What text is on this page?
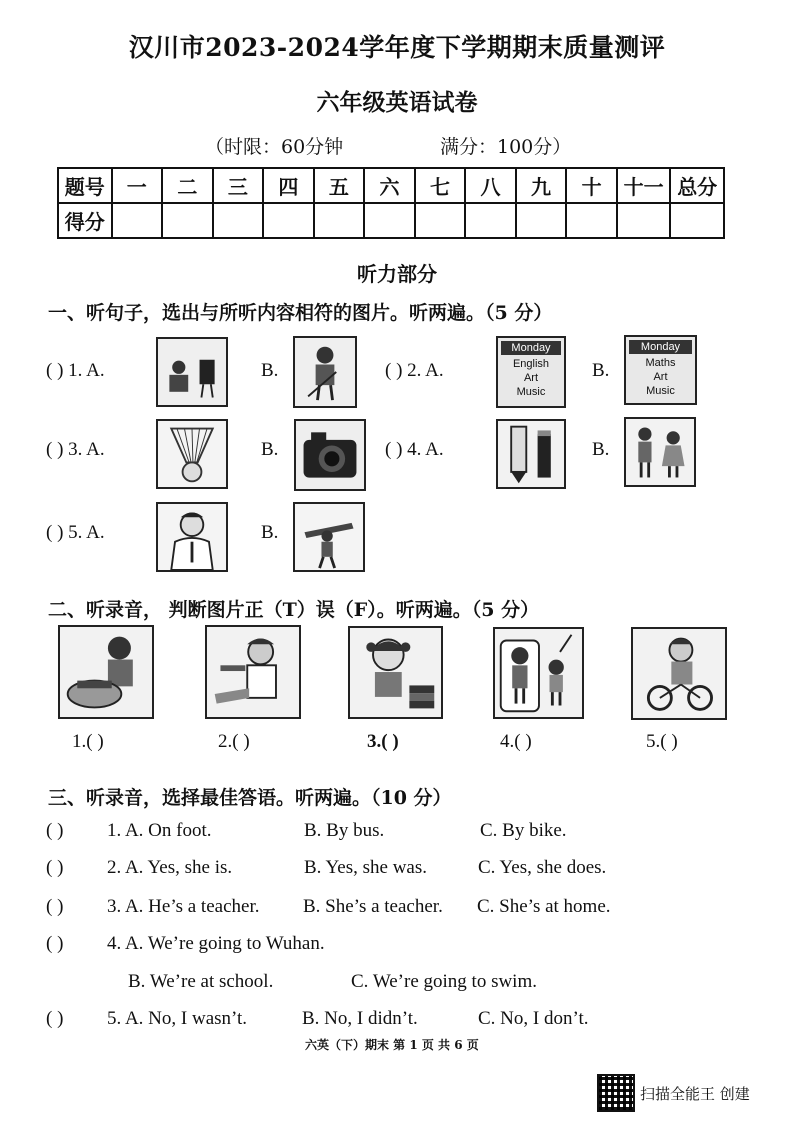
汉川市2023-2024学年度下学期期末质量测评
六年级英语试卷
（时限：60分钟	满分：100分）
题号	一	二	三	四	五	六	七	八	九	十	十一	总分
得分												
听力部分
一、听句子，选出与所听内容相符的图片。听两遍。（5 分）
( ) 1. A.	B.	( ) 2. A.
Monday
English
Art
Music
B.
Monday
Maths
Art
Music
( ) 3. A.	B.	( ) 4. A.	B.
( ) 5. A.	B.
二、听录音， 判断图片正（T）误（F）。听两遍。（5 分）
1.( )	2.( )	3.( )	4.( )	5.( )
三、听录音，选择最佳答语。听两遍。（10 分）
( ) 1. A. On foot.	B. By bus.	C. By bike.
( ) 2. A. Yes, she is.	B. Yes, she was.	C. Yes, she does.
( ) 3. A. He’s a teacher. B. She’s a teacher. C. She’s at home.
( ) 4. A. We’re going to Wuhan.
B. We’re at school.	C. We’re going to swim.
( ) 5. A. No, I wasn’t.	B. No, I didn’t.	C. No, I don’t.
六英（下）期末 第 1 页 共 6 页
扫描全能王 创建
